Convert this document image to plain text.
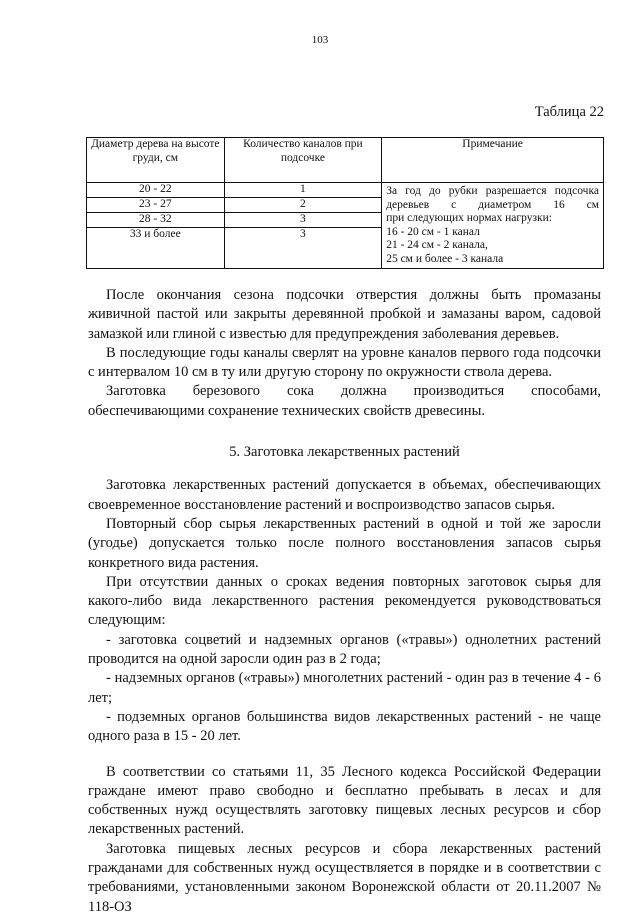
103
Таблица 22
Диаметр дерева на высоте груди, см	Количество каналов при подсочке	Примечание
20 - 22	1	За год до рубки разрешается подсочка деревьев с диаметром 16 см
при следующих нормах нагрузки:
16 - 20 см - 1 канал
21 - 24 см - 2 канала,
25 см и более - 3 канала

23 - 27	2	
28 - 32	3	
33 и более	3	

После окончания сезона подсочки отверстия должны быть промазаны живичной пастой или закрыты деревянной пробкой и замазаны варом, садовой замазкой или глиной с известью для предупреждения заболевания деревьев.

В последующие годы каналы сверлят на уровне каналов первого года подсочки с интервалом 10 см в ту или другую сторону по окружности ствола дерева.

Заготовка березового сока должна производиться способами, обеспечивающими сохранение технических свойств древесины.

5. Заготовка лекарственных растений

Заготовка лекарственных растений допускается в объемах, обеспечивающих своевременное восстановление растений и воспроизводство запасов сырья.

Повторный сбор сырья лекарственных растений в одной и той же заросли (угодье) допускается только после полного восстановления запасов сырья конкретного вида растения.

При отсутствии данных о сроках ведения повторных заготовок сырья для какого-либо вида лекарственного растения рекомендуется руководствоваться следующим:

- заготовка соцветий и надземных органов («травы») однолетних растений проводится на одной заросли один раз в 2 года;

- надземных органов («травы») многолетних растений - один раз в течение 4 - 6 лет;

- подземных органов большинства видов лекарственных растений - не чаще одного раза в 15 - 20 лет.

В соответствии со статьями 11, 35 Лесного кодекса Российской Федерации граждане имеют право свободно и бесплатно пребывать в лесах и для собственных нужд осуществлять заготовку пищевых лесных ресурсов и сбор лекарственных растений.

Заготовка пищевых лесных ресурсов и сбора лекарственных растений гражданами для собственных нужд осуществляется в порядке и в соответствии с требованиями, установленными законом Воронежской области от 20.11.2007 № 118-ОЗ
